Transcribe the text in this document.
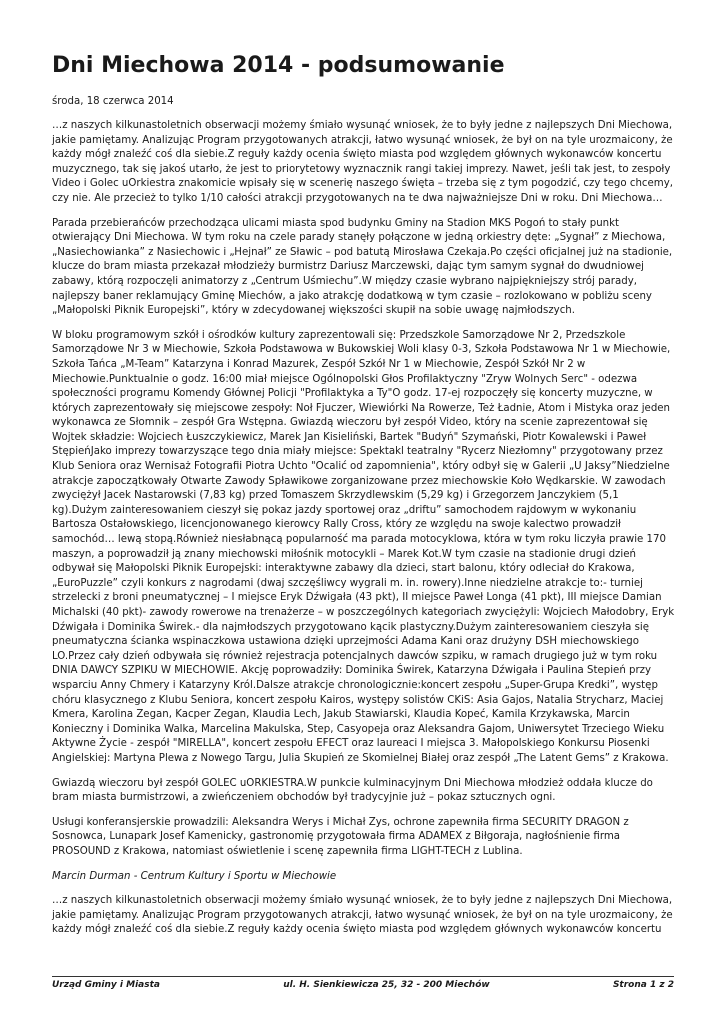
Dni Miechowa 2014 - podsumowanie
środa, 18 czerwca 2014

…z naszych kilkunastoletnich obserwacji możemy śmiało wysunąć wniosek, że to były jedne z najlepszych Dni Miechowa, jakie pamiętamy. Analizując Program przygotowanych atrakcji, łatwo wysunąć wniosek, że był on na tyle urozmaicony, że każdy mógł znaleźć coś dla siebie.Z reguły każdy ocenia święto miasta pod względem głównych wykonawców koncertu muzycznego, tak się jakoś utarło, że jest to priorytetowy wyznacznik rangi takiej imprezy. Nawet, jeśli tak jest, to zespoły Video i Golec uOrkiestra znakomicie wpisały się w scenerię naszego święta – trzeba się z tym pogodzić, czy tego chcemy, czy nie. Ale przecież to tylko 1/10 całości atrakcji przygotowanych na te dwa najważniejsze Dni w roku. Dni Miechowa…

Parada przebierańców przechodząca ulicami miasta spod budynku Gminy na Stadion MKS Pogoń to stały punkt otwierający Dni Miechowa. W tym roku na czele parady stanęły połączone w jedną orkiestry dęte: „Sygnał” z Miechowa, „Nasiechowianka” z Nasiechowic i „Hejnał” ze Sławic – pod batutą Mirosława Czekaja.Po części oficjalnej już na stadionie, klucze do bram miasta przekazał młodzieży burmistrz Dariusz Marczewski, dając tym samym sygnał do dwudniowej zabawy, którą rozpoczęli animatorzy z „Centrum Uśmiechu”.W między czasie wybrano najpiękniejszy strój parady, najlepszy baner reklamujący Gminę Miechów, a jako atrakcję dodatkową w tym czasie – rozlokowano w pobliżu sceny „Małopolski Piknik Europejski”, który w zdecydowanej większości skupił na sobie uwagę najmłodszych.

W bloku programowym szkół i ośrodków kultury zaprezentowali się: Przedszkole Samorządowe Nr 2, Przedszkole Samorządowe Nr 3 w Miechowie, Szkoła Podstawowa w Bukowskiej Woli klasy 0-3, Szkoła Podstawowa Nr 1 w Miechowie, Szkoła Tańca „M-Team” Katarzyna i Konrad Mazurek, Zespół Szkół Nr 1 w Miechowie, Zespół Szkół Nr 2 w Miechowie.Punktualnie o godz. 16:00 miał miejsce Ogólnopolski Głos Profilaktyczny "Zryw Wolnych Serc" - odezwa społeczności programu Komendy Głównej Policji "Profilaktyka a Ty"O godz. 17-ej rozpoczęły się koncerty muzyczne, w których zaprezentowały się miejscowe zespoły: Noł Fjuczer, Wiewiórki Na Rowerze, Też Ładnie, Atom i Mistyka oraz jeden wykonawca ze Słomnik – zespół Gra Wstępna. Gwiazdą wieczoru był zespół Video, który na scenie zaprezentował się Wojtek składzie: Wojciech Łuszczykiewicz, Marek Jan Kisieliński, Bartek "Budyń" Szymański, Piotr Kowalewski i Paweł StępieńJako imprezy towarzyszące tego dnia miały miejsce: Spektakl teatralny "Rycerz Niezłomny" przygotowany przez Klub Seniora oraz Wernisaż Fotografii Piotra Uchto "Ocalić od zapomnienia", który odbył się w Galerii „U Jaksy”Niedzielne atrakcje zapoczątkowały Otwarte Zawody Spławikowe zorganizowane przez miechowskie Koło Wędkarskie. W zawodach zwyciężył Jacek Nastarowski (7,83 kg) przed Tomaszem Skrzydlewskim (5,29 kg) i Grzegorzem Janczykiem (5,1 kg).Dużym zainteresowaniem cieszył się pokaz jazdy sportowej oraz „driftu” samochodem rajdowym w wykonaniu Bartosza Ostałowskiego, licencjonowanego kierowcy Rally Cross, który ze względu na swoje kalectwo prowadził samochód… lewą stopą.Również niesłabnącą popularność ma parada motocyklowa, która w tym roku liczyła prawie 170 maszyn, a poprowadził ją znany miechowski miłośnik motocykli – Marek Kot.W tym czasie na stadionie drugi dzień odbywał się Małopolski Piknik Europejski: interaktywne zabawy dla dzieci, start balonu, który odleciał do Krakowa, „EuroPuzzle” czyli konkurs z nagrodami (dwaj szczęśliwcy wygrali m. in. rowery).Inne niedzielne atrakcje to:- turniej strzelecki z broni pneumatycznej – I miejsce Eryk Dźwigała (43 pkt), II miejsce Paweł Longa (41 pkt), III miejsce Damian Michalski (40 pkt)- zawody rowerowe na trenażerze – w poszczególnych kategoriach zwyciężyli: Wojciech Małodobry, Eryk Dźwigała i Dominika Świrek.- dla najmłodszych przygotowano kącik plastyczny.Dużym zainteresowaniem cieszyła się pneumatyczna ścianka wspinaczkowa ustawiona dzięki uprzejmości Adama Kani oraz drużyny DSH miechowskiego LO.Przez cały dzień odbywała się również rejestracja potencjalnych dawców szpiku, w ramach drugiego już w tym roku DNIA DAWCY SZPIKU W MIECHOWIE. Akcję poprowadziły: Dominika Świrek, Katarzyna Dźwigała i Paulina Stepień przy wsparciu Anny Chmery i Katarzyny Król.Dalsze atrakcje chronologicznie:koncert zespołu „Super-Grupa Kredki”, występ chóru klasycznego z Klubu Seniora, koncert zespołu Kairos, występy solistów CKiS: Asia Gajos, Natalia Strycharz, Maciej Kmera, Karolina Zegan, Kacper Zegan, Klaudia Lech, Jakub Stawiarski, Klaudia Kopeć, Kamila Krzykawska, Marcin Konieczny i Dominika Walka, Marcelina Makulska, Step, Casyopeja oraz Aleksandra Gajom, Uniwersytet Trzeciego Wieku Aktywne Życie - zespół "MIRELLA", koncert zespołu EFECT oraz laureaci I miejsca 3. Małopolskiego Konkursu Piosenki Angielskiej: Martyna Plewa z Nowego Targu, Julia Skupień ze Skomielnej Białej oraz zespół „The Latent Gems” z Krakowa.

Gwiazdą wieczoru był zespół GOLEC uORKIESTRA.W punkcie kulminacyjnym Dni Miechowa młodzież oddała klucze do bram miasta burmistrzowi, a zwieńczeniem obchodów był tradycyjnie już – pokaz sztucznych ogni.

Usługi konferansjerskie prowadzili: Aleksandra Werys i Michał Zys, ochrone zapewniła firma SECURITY DRAGON z Sosnowca, Lunapark Josef Kamenicky, gastronomię przygotowała firma ADAMEX z Biłgoraja, nagłośnienie firma PROSOUND z Krakowa, natomiast oświetlenie i scenę zapewniła firma LIGHT-TECH z Lublina.

Marcin Durman - Centrum Kultury i Sportu w Miechowie

…z naszych kilkunastoletnich obserwacji możemy śmiało wysunąć wniosek, że to były jedne z najlepszych Dni Miechowa, jakie pamiętamy. Analizując Program przygotowanych atrakcji, łatwo wysunąć wniosek, że był on na tyle urozmaicony, że każdy mógł znaleźć coś dla siebie.Z reguły każdy ocenia święto miasta pod względem głównych wykonawców koncertu

Urząd Gminy i Miasta	ul. H. Sienkiewicza 25, 32 - 200 Miechów	Strona 1 z 2
